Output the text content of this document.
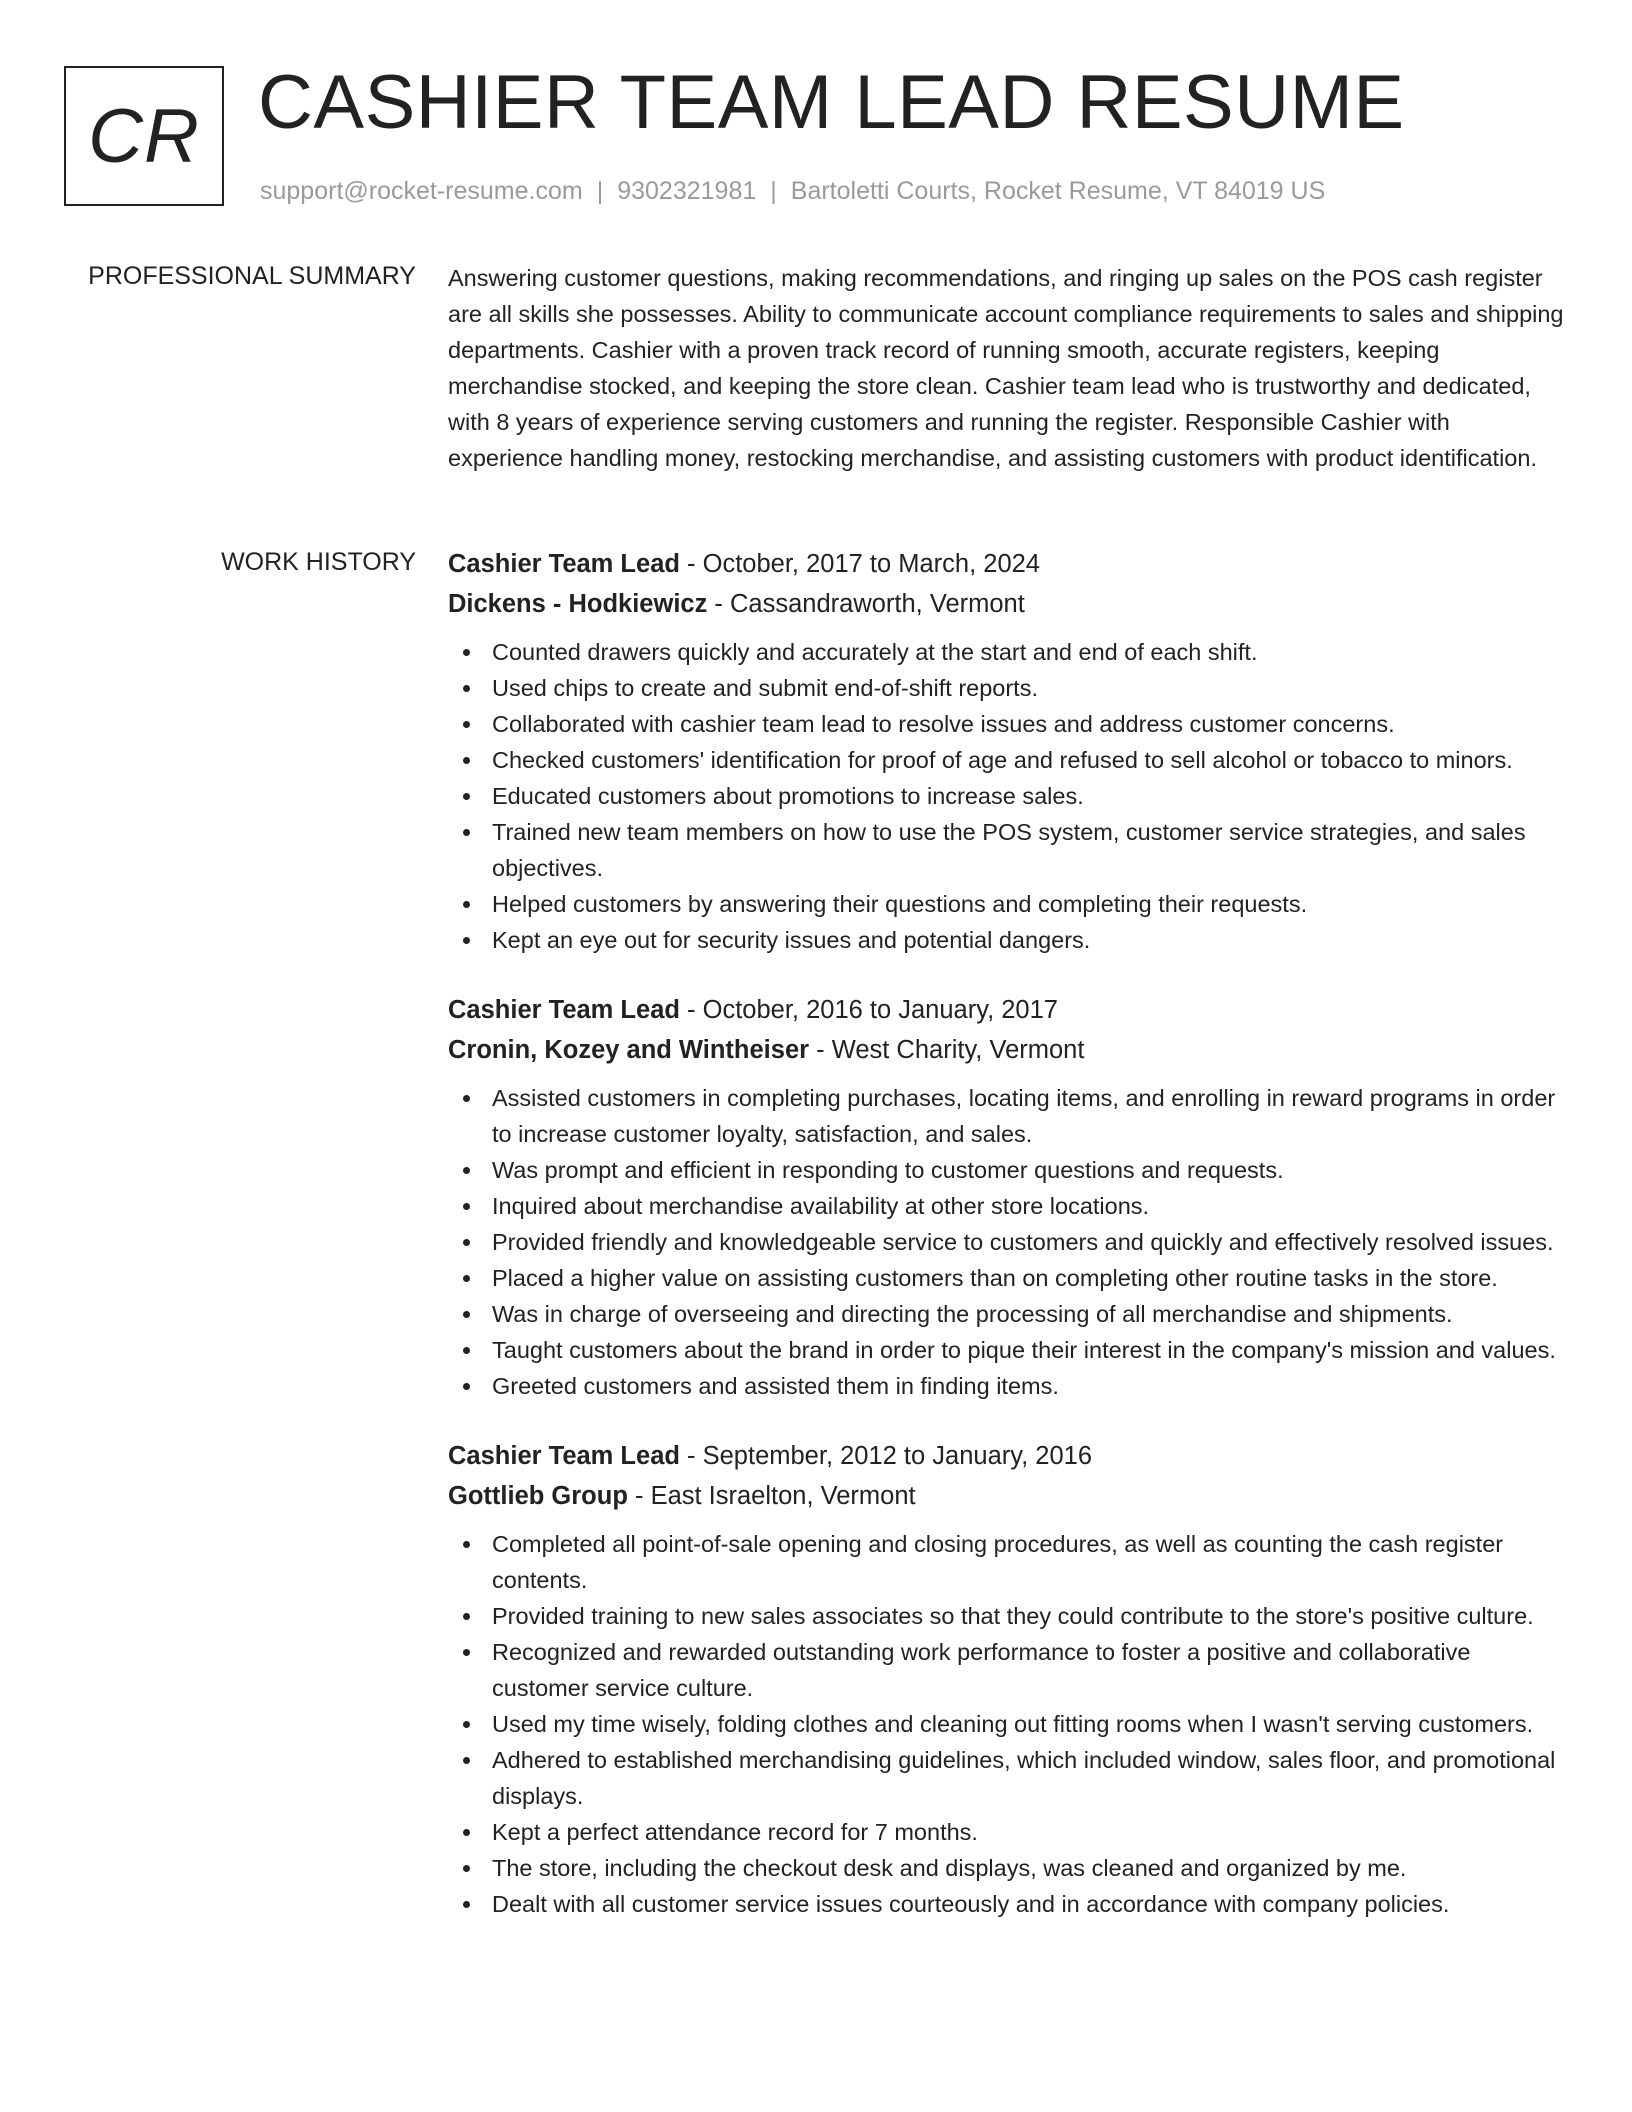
CR CASHIER TEAM LEAD RESUME
support@rocket-resume.com | 9302321981 | Bartoletti Courts, Rocket Resume, VT 84019 US
PROFESSIONAL SUMMARY Answering customer questions, making recommendations, and ringing up sales on the POS cash register are all skills she possesses. Ability to communicate account compliance requirements to sales and shipping departments. Cashier with a proven track record of running smooth, accurate registers, keeping merchandise stocked, and keeping the store clean. Cashier team lead who is trustworthy and dedicated, with 8 years of experience serving customers and running the register. Responsible Cashier with experience handling money, restocking merchandise, and assisting customers with product identification.
WORK HISTORY Cashier Team Lead - October, 2017 to March, 2024
Dickens - Hodkiewicz - Cassandraworth, Vermont
Counted drawers quickly and accurately at the start and end of each shift.
Used chips to create and submit end-of-shift reports.
Collaborated with cashier team lead to resolve issues and address customer concerns.
Checked customers' identification for proof of age and refused to sell alcohol or tobacco to minors.
Educated customers about promotions to increase sales.
Trained new team members on how to use the POS system, customer service strategies, and sales objectives.
Helped customers by answering their questions and completing their requests.
Kept an eye out for security issues and potential dangers.
Cashier Team Lead - October, 2016 to January, 2017
Cronin, Kozey and Wintheiser - West Charity, Vermont
Assisted customers in completing purchases, locating items, and enrolling in reward programs in order to increase customer loyalty, satisfaction, and sales.
Was prompt and efficient in responding to customer questions and requests.
Inquired about merchandise availability at other store locations.
Provided friendly and knowledgeable service to customers and quickly and effectively resolved issues.
Placed a higher value on assisting customers than on completing other routine tasks in the store.
Was in charge of overseeing and directing the processing of all merchandise and shipments.
Taught customers about the brand in order to pique their interest in the company's mission and values.
Greeted customers and assisted them in finding items.
Cashier Team Lead - September, 2012 to January, 2016
Gottlieb Group - East Israelton, Vermont
Completed all point-of-sale opening and closing procedures, as well as counting the cash register contents.
Provided training to new sales associates so that they could contribute to the store's positive culture.
Recognized and rewarded outstanding work performance to foster a positive and collaborative customer service culture.
Used my time wisely, folding clothes and cleaning out fitting rooms when I wasn't serving customers.
Adhered to established merchandising guidelines, which included window, sales floor, and promotional displays.
Kept a perfect attendance record for 7 months.
The store, including the checkout desk and displays, was cleaned and organized by me.
Dealt with all customer service issues courteously and in accordance with company policies.
